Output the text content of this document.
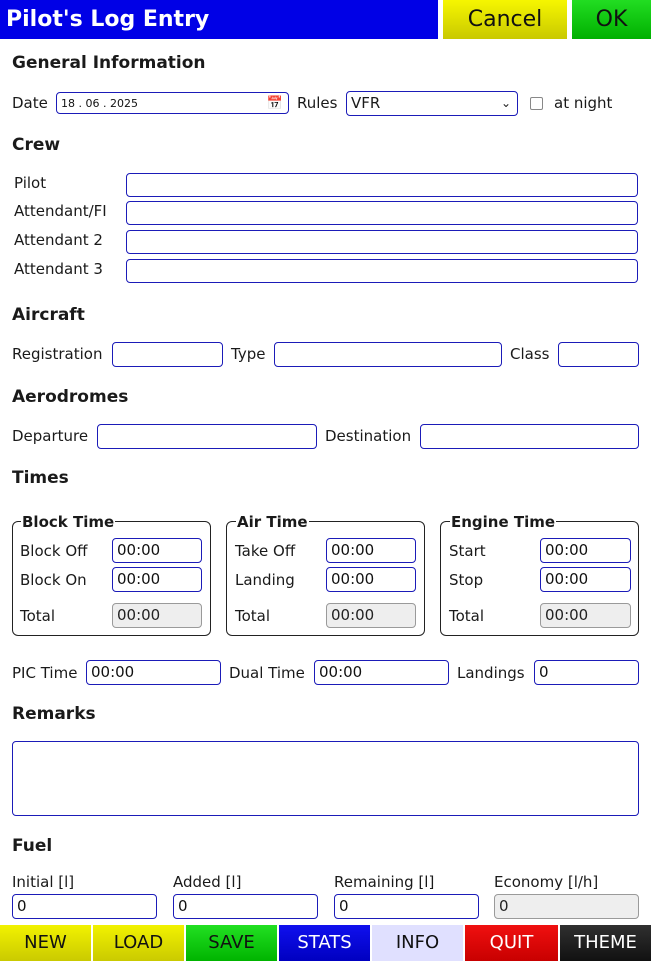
Pilot's Log Entry	Cancel	OK
General Information
Date	18 . 06 . 2025	📅 Rules VFR	⌄	at night
Crew
Pilot
Attendant/FI
Attendant 2
Attendant 3
Aircraft
Registration	Type	Class
Aerodromes
Departure	Destination
Times
Block Time
Block Off	00:00
Block On	00:00
Total	00:00
Air Time
Take Off	00:00
Landing	00:00
Total	00:00
Engine Time
Start	00:00
Stop	00:00
Total	00:00
PIC Time 00:00	Dual Time 00:00	Landings 0
Remarks
Fuel
Initial [l]
0
Added [l]
0
Remaining [l]
0
Economy [l/h]
0
NEW	LOAD	SAVE	STATS	INFO	QUIT	THEME
